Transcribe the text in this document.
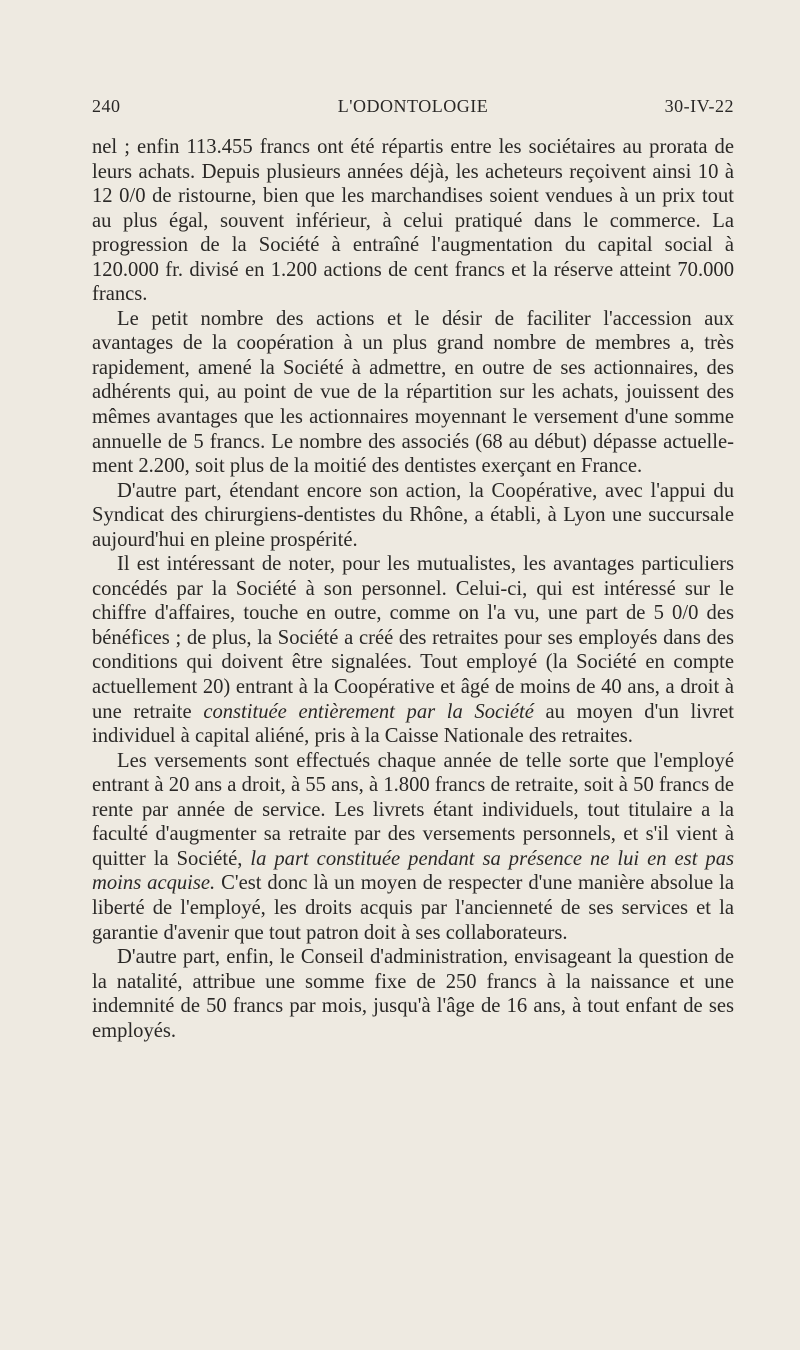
240	L'ODONTOLOGIE	30-IV-22

nel ; enfin 113.455 francs ont été répartis entre les sociétaires au prorata de leurs achats. Depuis plusieurs années déjà, les acheteurs reçoivent ainsi 10 à 12 0/0 de ristourne, bien que les marchandises soient vendues à un prix tout au plus égal, souvent inférieur, à celui pratiqué dans le commerce. La progression de la Société à entraîné l'augmentation du capital social à 120.000 fr. divisé en 1.200 actions de cent francs et la réserve atteint 70.000 francs.

Le petit nombre des actions et le désir de faciliter l'accession aux avantages de la coopération à un plus grand nombre de membres a, très rapidement, amené la Société à admettre, en outre de ses actionnaires, des adhérents qui, au point de vue de la répartition sur les achats, jouissent des mêmes avantages que les actionnaires moyennant le versement d'une somme annuelle de 5 francs. Le nombre des associés (68 au début) dépasse actuellement 2.200, soit plus de la moitié des dentistes exerçant en France.

D'autre part, étendant encore son action, la Coopérative, avec l'appui du Syndicat des chirurgiens-dentistes du Rhône, a établi, à Lyon une succursale aujourd'hui en pleine prospérité.

Il est intéressant de noter, pour les mutualistes, les avantages particuliers concédés par la Société à son personnel. Celui-ci, qui est intéressé sur le chiffre d'affaires, touche en outre, comme on l'a vu, une part de 5 0/0 des bénéfices ; de plus, la Société a créé des retraites pour ses employés dans des conditions qui doivent être signalées. Tout employé (la Société en compte actuellement 20) entrant à la Coopérative et âgé de moins de 40 ans, a droit à une retraite constituée entièrement par la Société au moyen d'un livret individuel à capital aliéné, pris à la Caisse Nationale des retraites.

Les versements sont effectués chaque année de telle sorte que l'employé entrant à 20 ans a droit, à 55 ans, à 1.800 francs de retraite, soit à 50 francs de rente par année de service. Les livrets étant individuels, tout titulaire a la faculté d'augmenter sa retraite par des versements personnels, et s'il vient à quitter la Société, la part constituée pendant sa présence ne lui en est pas moins acquise. C'est donc là un moyen de respecter d'une manière absolue la liberté de l'employé, les droits acquis par l'ancienneté de ses services et la garantie d'avenir que tout patron doit à ses collaborateurs.

D'autre part, enfin, le Conseil d'administration, envisageant la question de la natalité, attribue une somme fixe de 250 francs à la naissance et une indemnité de 50 francs par mois, jusqu'à l'âge de 16 ans, à tout enfant de ses employés.
